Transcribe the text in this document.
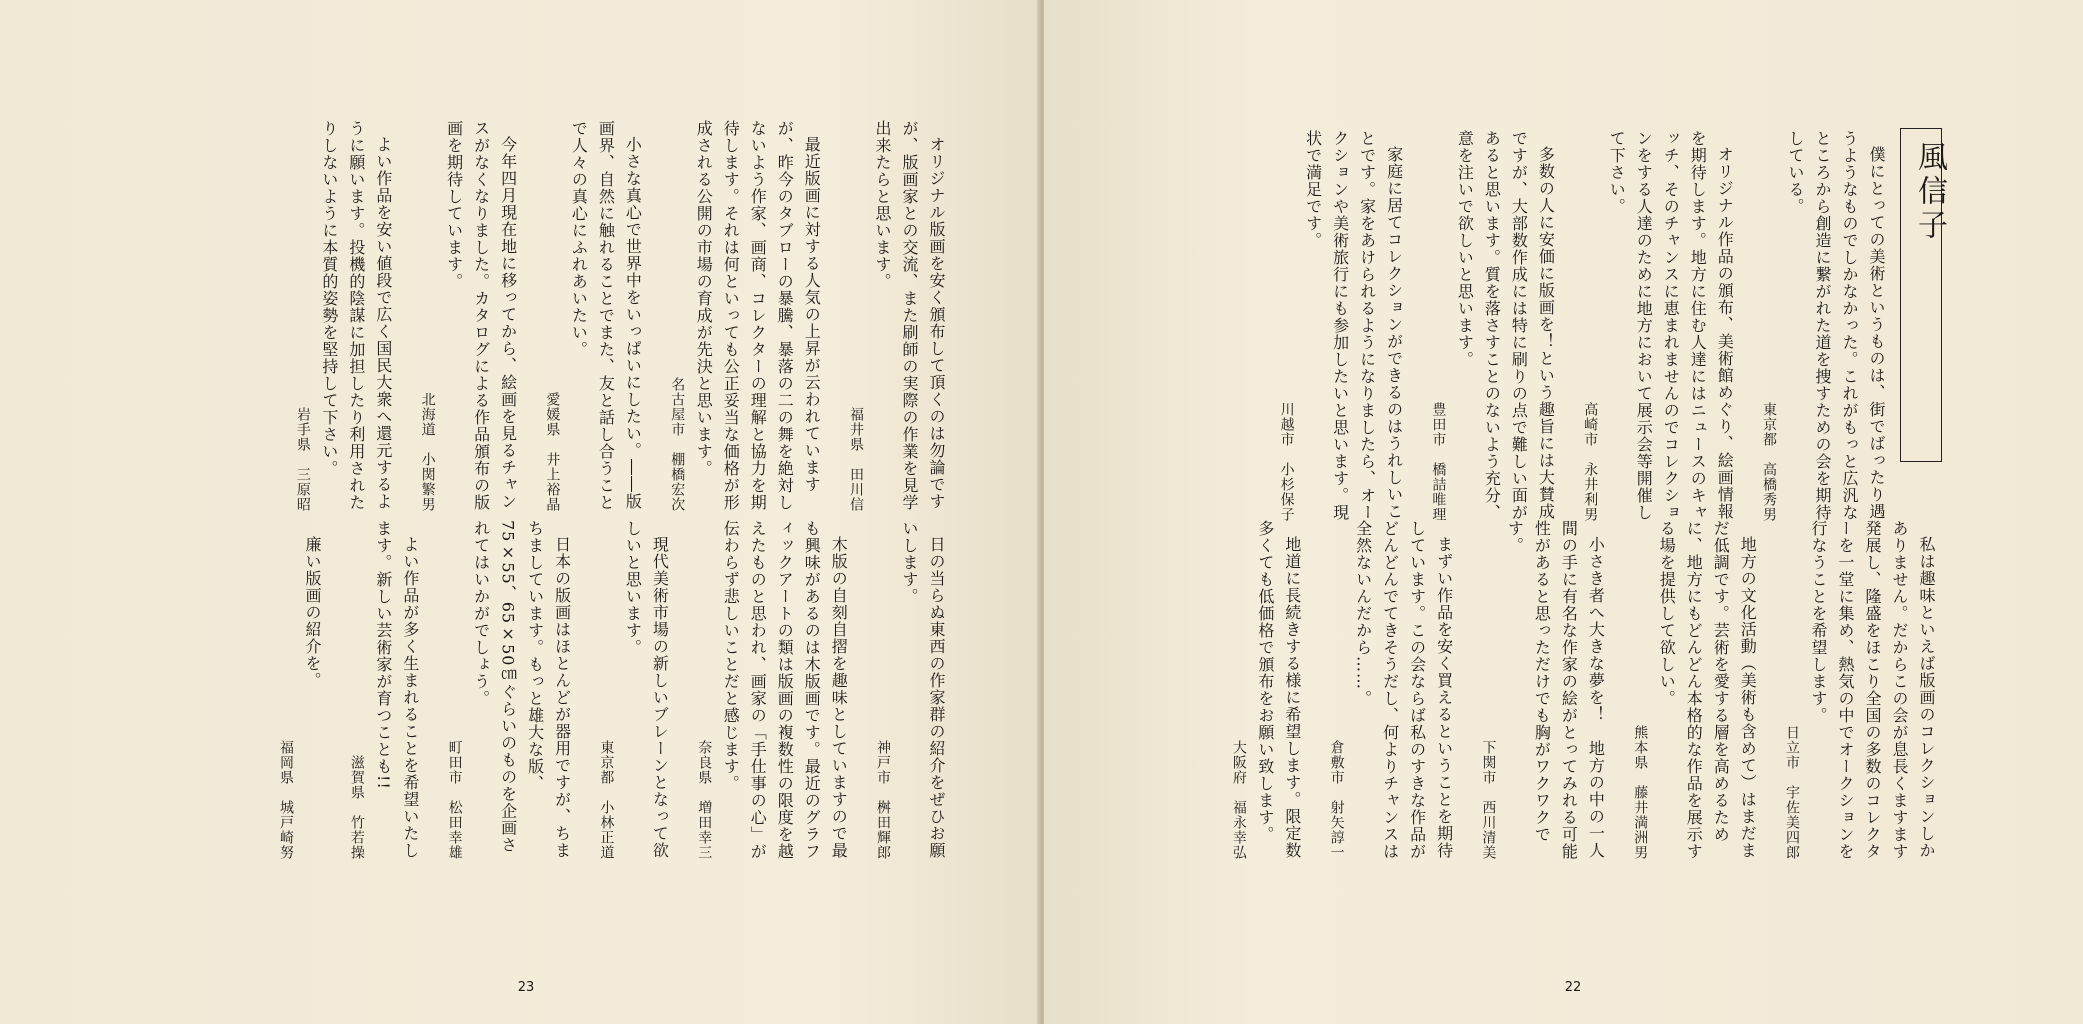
オリジナル版画を安く頒布して頂くのは勿論ですが、版画家との交流、また刷師の実際の作業を見学出来たらと思います。

福井県　田川信

最近版画に対する人気の上昇が云われていますが、昨今のタブローの暴騰、暴落の二の舞を絶対しないよう作家、画商、コレクターの理解と協力を期待します。それは何といっても公正妥当な価格が形成される公開の市場の育成が先決と思います。

名古屋市　棚橋宏次

小さな真心で世界中をいっぱいにしたい。――版画界、自然に触れることでまた、友と話し合うことで人々の真心にふれあいたい。

愛媛県　井上裕晶

今年四月現在地に移ってから、絵画を見るチャンスがなくなりました。カタログによる作品頒布の版画を期待しています。

北海道　小関繁男

よい作品を安い値段で広く国民大衆へ還元するように願います。投機的陰謀に加担したり利用されたりしないように本質的姿勢を堅持して下さい。

岩手県　三原昭

日の当らぬ東西の作家群の紹介をぜひお願いします。

神戸市　桝田輝郎

木版の自刻自摺を趣味としていますので最も興味があるのは木版画です。最近のグラフィックアートの類は版画の複数性の限度を越えたものと思われ、画家の「手仕事の心」が伝わらず悲しいことだと感じます。

奈良県　増田幸三

現代美術市場の新しいブレーンとなって欲しいと思います。

東京都　小林正道

日本の版画はほとんどが器用ですが、ちまちましています。もっと雄大な版、75×55、65×50㎝ぐらいのものを企画されてはいかがでしょう。

町田市　松田幸雄

よい作品が多く生まれることを希望いたします。新しい芸術家が育つことも!!

滋賀県　竹若操

廉い版画の紹介を。

福岡県　城戸崎努

23
風信子

僕にとっての美術というものは、街でばったり遇うようなものでしかなかった。これがもっと広汎なところから創造に繋がれた道を捜すための会を期待している。

東京都　高橋秀男

オリジナル作品の頒布、美術館めぐり、絵画情報を期待します。地方に住む人達にはニュースのキャッチ、そのチャンスに恵まれませんのでコレクションをする人達のために地方において展示会等開催して下さい。

高崎市　永井利男

多数の人に安価に版画を！という趣旨には大賛成ですが、大部数作成には特に刷りの点で難しい面があると思います。質を落さすことのないよう充分、意を注いで欲しいと思います。

豊田市　橋詰唯理

家庭に居てコレクションができるのはうれしいことです。家をあけられるようになりましたら、オークションや美術旅行にも参加したいと思います。現状で満足です。

川越市　小杉保子

私は趣味といえば版画のコレクションしかありません。だからこの会が息長くますます発展し、隆盛をほこり全国の多数のコレクターを一堂に集め、熱気の中でオークションを行なうことを希望します。

日立市　宇佐美四郎

地方の文化活動（美術も含めて）はまだまだ低調です。芸術を愛する層を高めるために、地方にもどんどん本格的な作品を展示する場を提供して欲しい。

熊本県　藤井満洲男

小さき者へ大きな夢を！　地方の中の一人間の手に有名な作家の絵がとってみれる可能性があると思っただけでも胸がワクワクです。

下関市　西川清美

まずい作品を安く買えるということを期待しています。この会ならば私のすきな作品がどんどんでてきそうだし、何よりチャンスは全然ないんだから……。

倉敷市　射矢諄一

地道に長続きする様に希望します。限定数多くても低価格で頒布をお願い致します。

大阪府　福永幸弘

22
